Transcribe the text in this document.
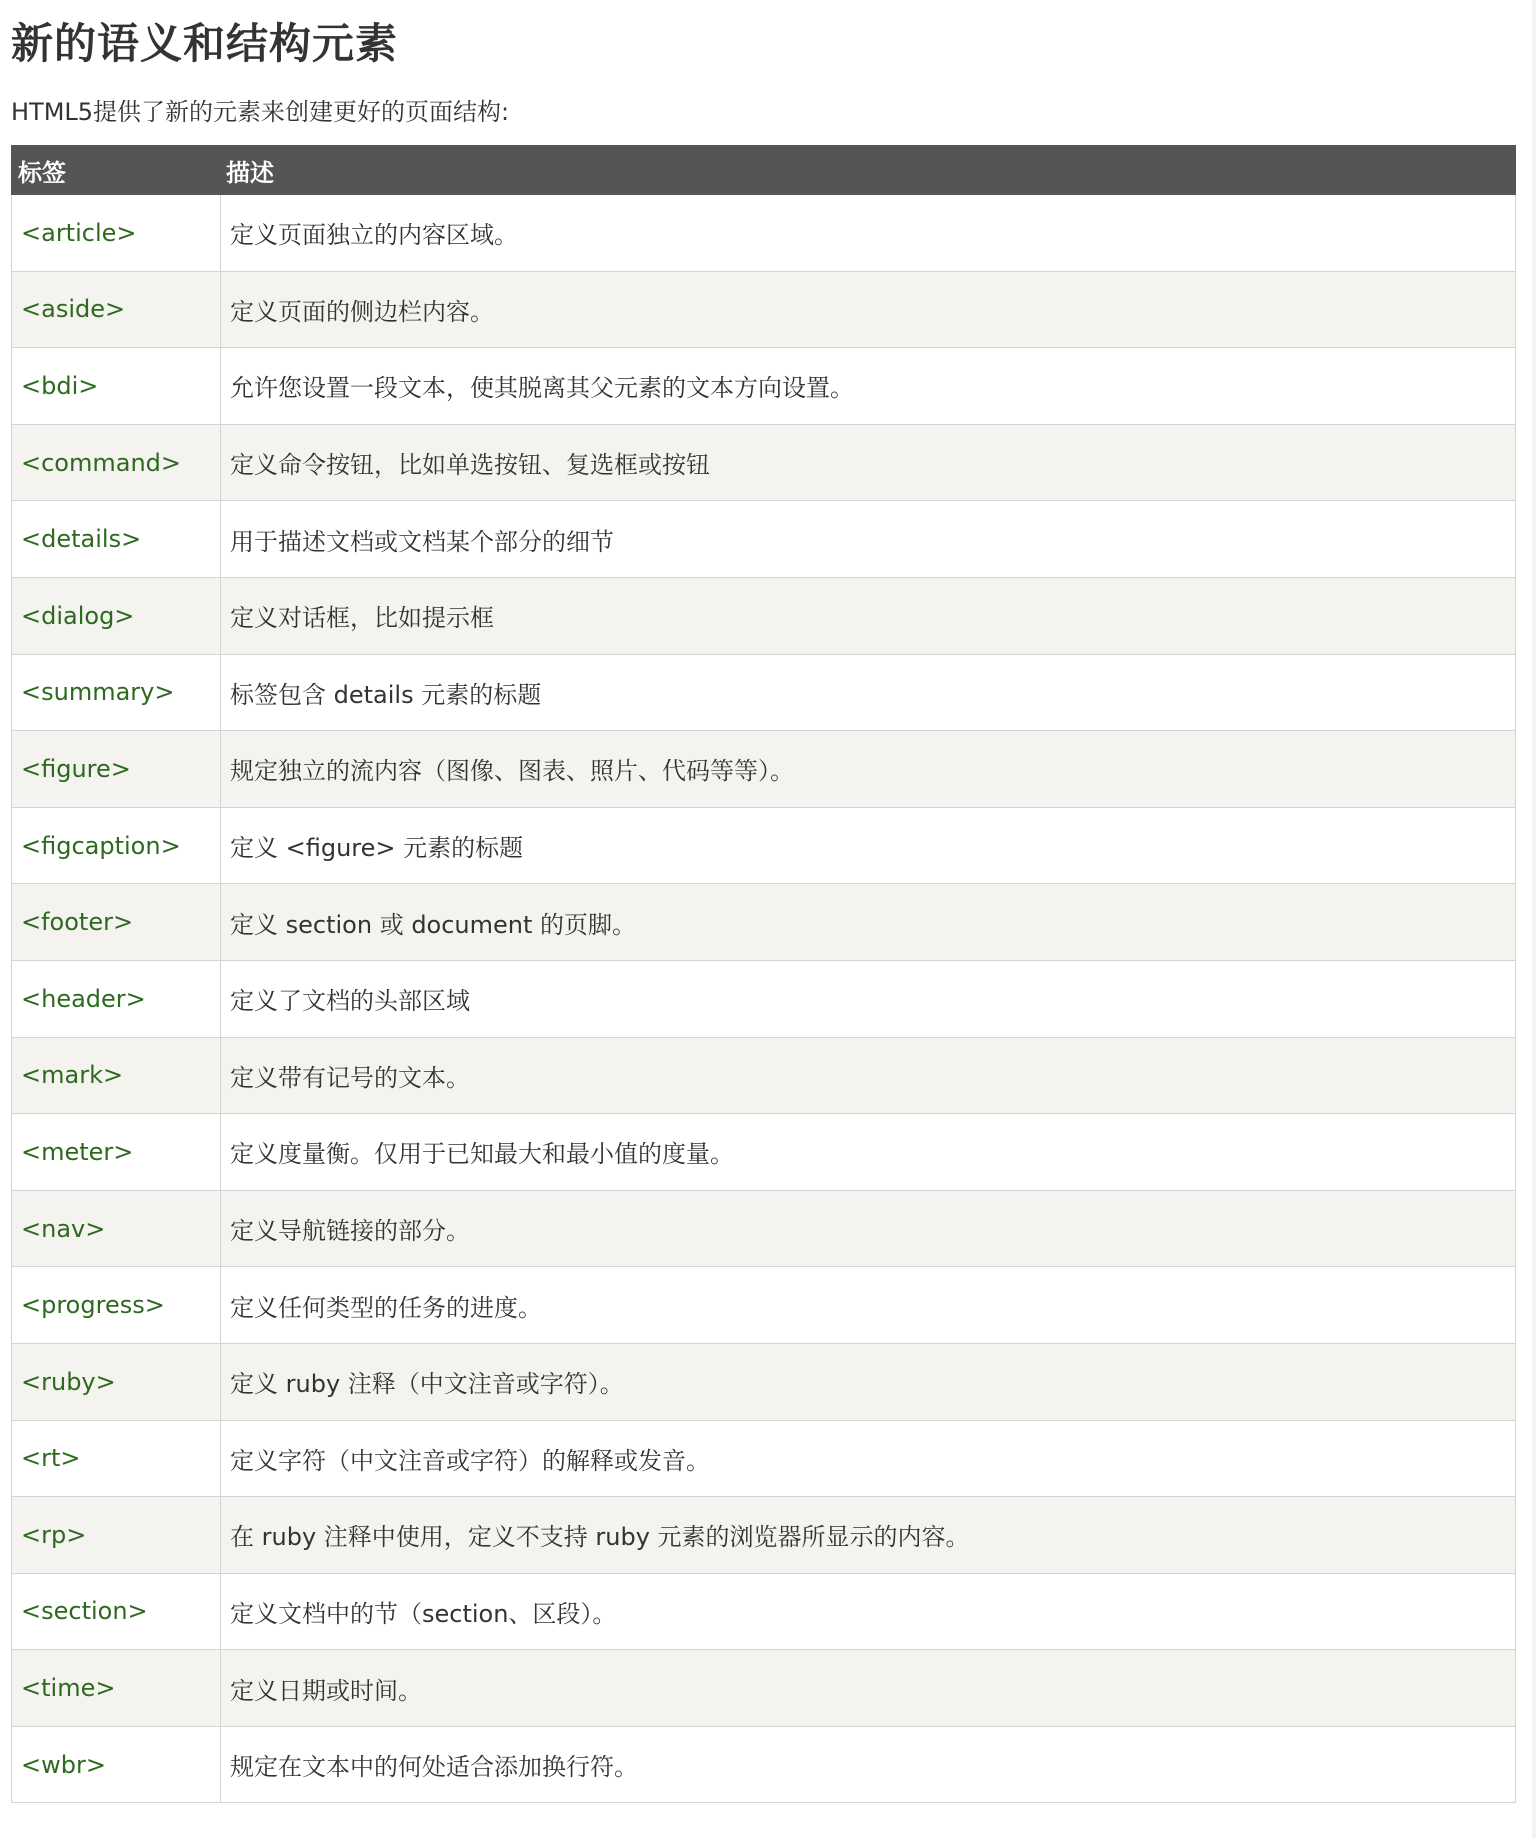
新的语义和结构元素

HTML5提供了新的元素来创建更好的页面结构:

标签	描述
<article>	定义页面独立的内容区域。
<aside>	定义页面的侧边栏内容。
<bdi>	允许您设置一段文本，使其脱离其父元素的文本方向设置。
<command>	定义命令按钮，比如单选按钮、复选框或按钮
<details>	用于描述文档或文档某个部分的细节
<dialog>	定义对话框，比如提示框
<summary>	标签包含 details 元素的标题
<figure>	规定独立的流内容（图像、图表、照片、代码等等）。
<figcaption>	定义 <figure> 元素的标题
<footer>	定义 section 或 document 的页脚。
<header>	定义了文档的头部区域
<mark>	定义带有记号的文本。
<meter>	定义度量衡。仅用于已知最大和最小值的度量。
<nav>	定义导航链接的部分。
<progress>	定义任何类型的任务的进度。
<ruby>	定义 ruby 注释（中文注音或字符）。
<rt>	定义字符（中文注音或字符）的解释或发音。
<rp>	在 ruby 注释中使用，定义不支持 ruby 元素的浏览器所显示的内容。
<section>	定义文档中的节（section、区段）。
<time>	定义日期或时间。
<wbr>	规定在文本中的何处适合添加换行符。
